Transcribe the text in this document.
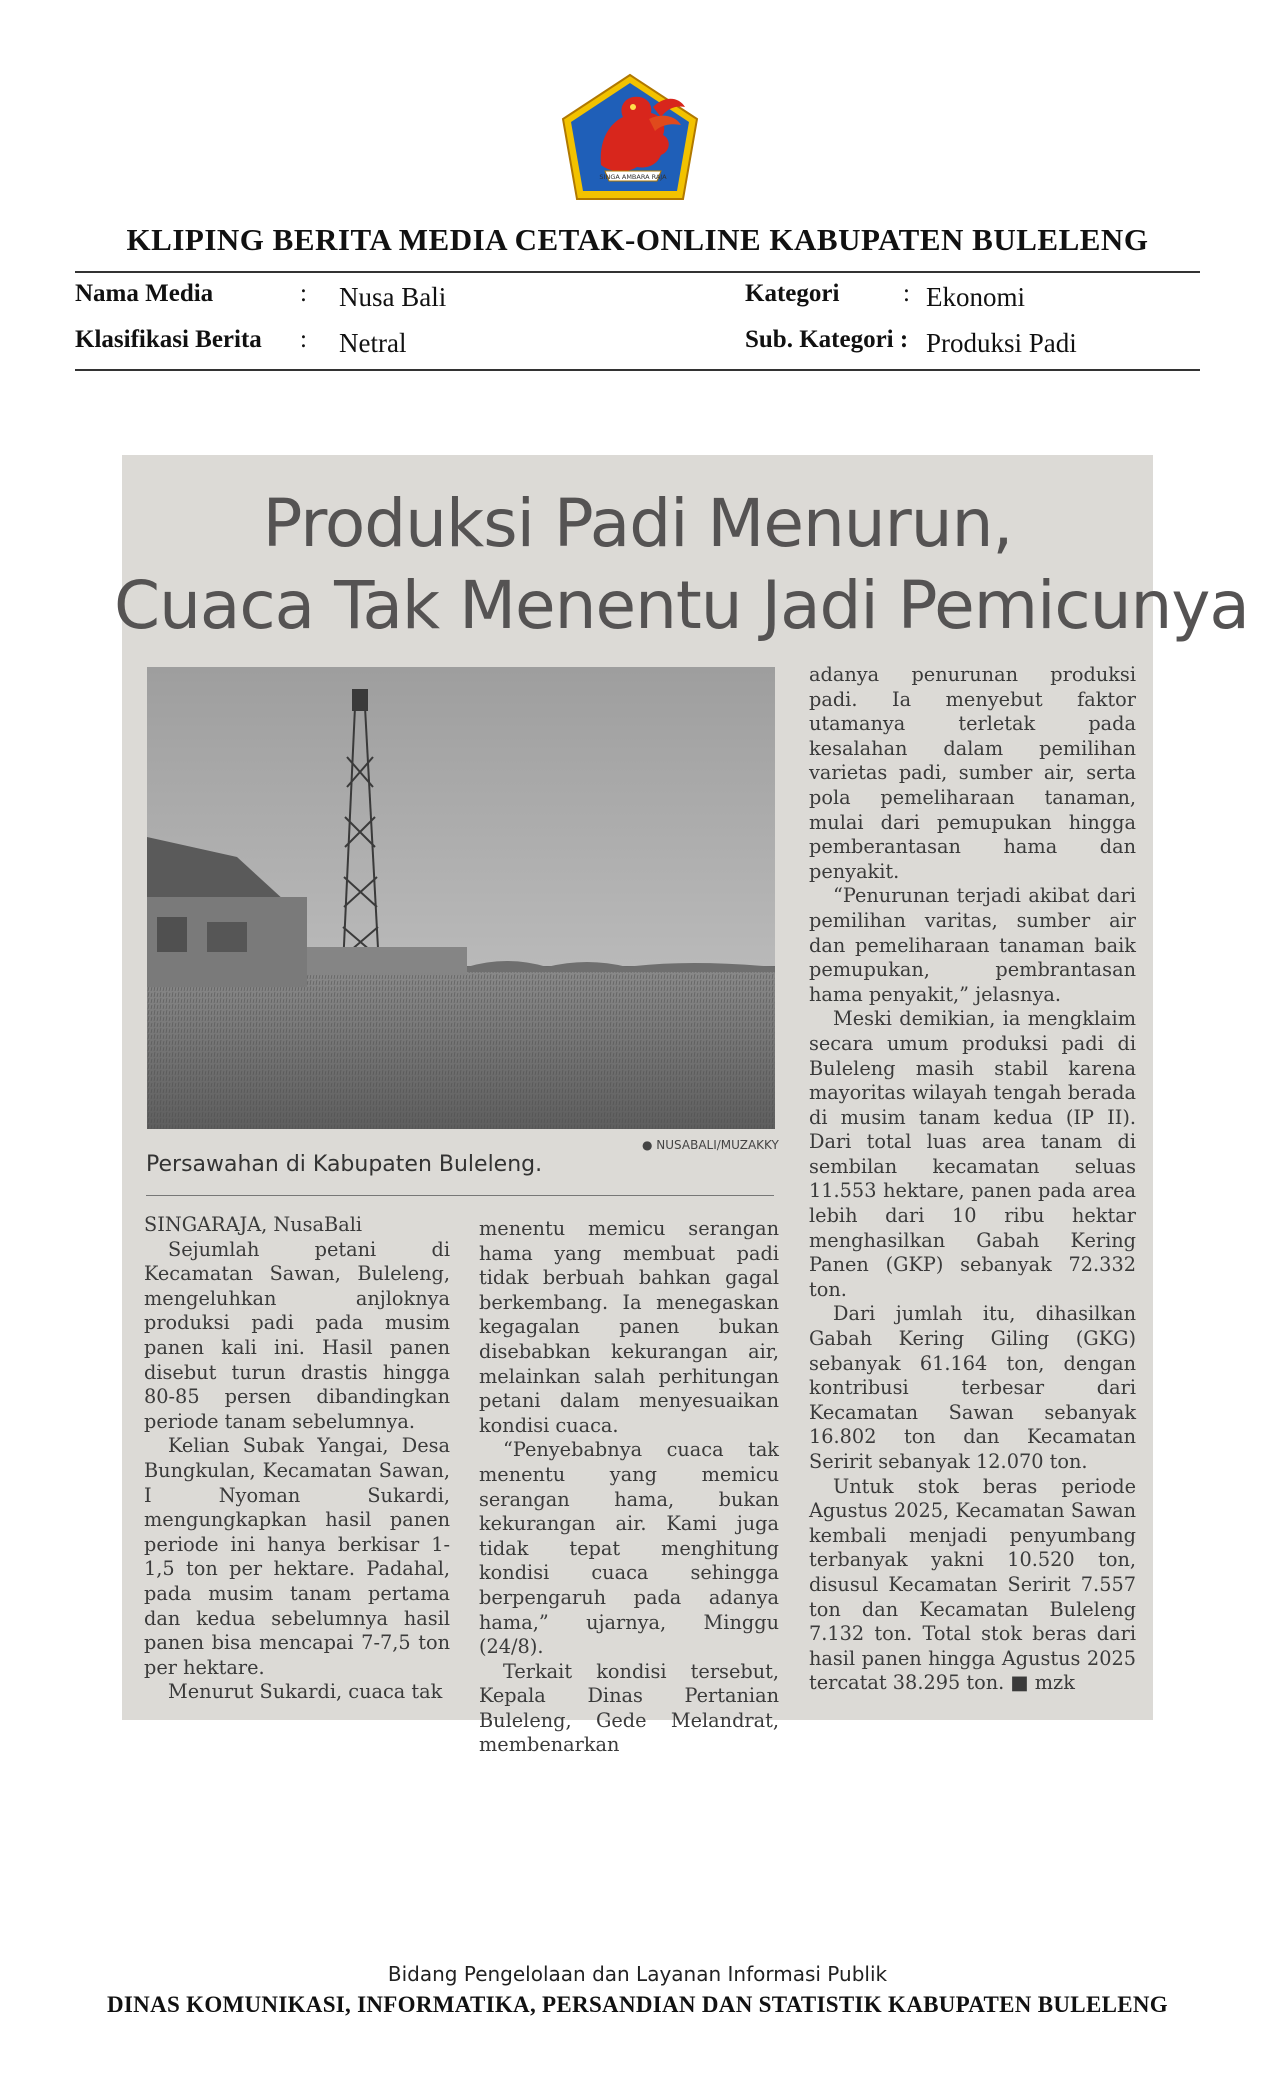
SINGA AMBARA RAJA
KLIPING BERITA MEDIA CETAK-ONLINE KABUPATEN BULELENG
Nama Media	: Nusa Bali	Kategori	: Ekonomi
Klasifikasi Berita : Netral	Sub. Kategori : Produksi Padi
Produksi Padi Menurun,
Cuaca Tak Menentu Jadi Pemicunya
● NUSABALI/MUZAKKY
Persawahan di Kabupaten Buleleng.

SINGARAJA, NusaBali

Sejumlah petani di Kecamatan Sawan, Buleleng, mengeluhkan anjloknya produksi padi pada musim panen kali ini. Hasil panen disebut turun drastis hingga 80-85 persen dibandingkan periode tanam sebelumnya.

Kelian Subak Yangai, Desa Bungkulan, Kecamatan Sawan, I Nyoman Sukardi, mengungkapkan hasil panen periode ini hanya berkisar 1-1,5 ton per hektare. Padahal, pada musim tanam pertama dan kedua sebelumnya hasil panen bisa mencapai 7-7,5 ton per hektare.

Menurut Sukardi, cuaca tak

menentu memicu serangan hama yang membuat padi tidak berbuah bahkan gagal berkembang. Ia menegaskan kegagalan panen bukan disebabkan kekurangan air, melainkan salah perhitungan petani dalam menyesuaikan kondisi cuaca.

“Penyebabnya cuaca tak menentu yang memicu serangan hama, bukan kekurangan air. Kami juga tidak tepat menghitung kondisi cuaca sehingga berpengaruh pada adanya hama,” ujarnya, Minggu (24/8).

Terkait kondisi tersebut, Kepala Dinas Pertanian Buleleng, Gede Melandrat, membenarkan

adanya penurunan produksi padi. Ia menyebut faktor utamanya terletak pada kesalahan dalam pemilihan varietas padi, sumber air, serta pola pemeliharaan tanaman, mulai dari pemupukan hingga pemberantasan hama dan penyakit.

“Penurunan terjadi akibat dari pemilihan varitas, sumber air dan pemeliharaan tanaman baik pemupukan, pembrantasan hama penyakit,” jelasnya.

Meski demikian, ia mengklaim secara umum produksi padi di Buleleng masih stabil karena mayoritas wilayah tengah berada di musim tanam kedua (IP II). Dari total luas area tanam di sembilan kecamatan seluas 11.553 hektare, panen pada area lebih dari 10 ribu hektar menghasilkan Gabah Kering Panen (GKP) sebanyak 72.332 ton.

Dari jumlah itu, dihasilkan Gabah Kering Giling (GKG) sebanyak 61.164 ton, dengan kontribusi terbesar dari Kecamatan Sawan sebanyak 16.802 ton dan Kecamatan Seririt sebanyak 12.070 ton.

Untuk stok beras periode Agustus 2025, Kecamatan Sawan kembali menjadi penyumbang terbanyak yakni 10.520 ton, disusul Kecamatan Seririt 7.557 ton dan Kecamatan Buleleng 7.132 ton. Total stok beras dari hasil panen hingga Agustus 2025 tercatat 38.295 ton. ■ mzk

Bidang Pengelolaan dan Layanan Informasi Publik
DINAS KOMUNIKASI, INFORMATIKA, PERSANDIAN DAN STATISTIK KABUPATEN BULELENG
